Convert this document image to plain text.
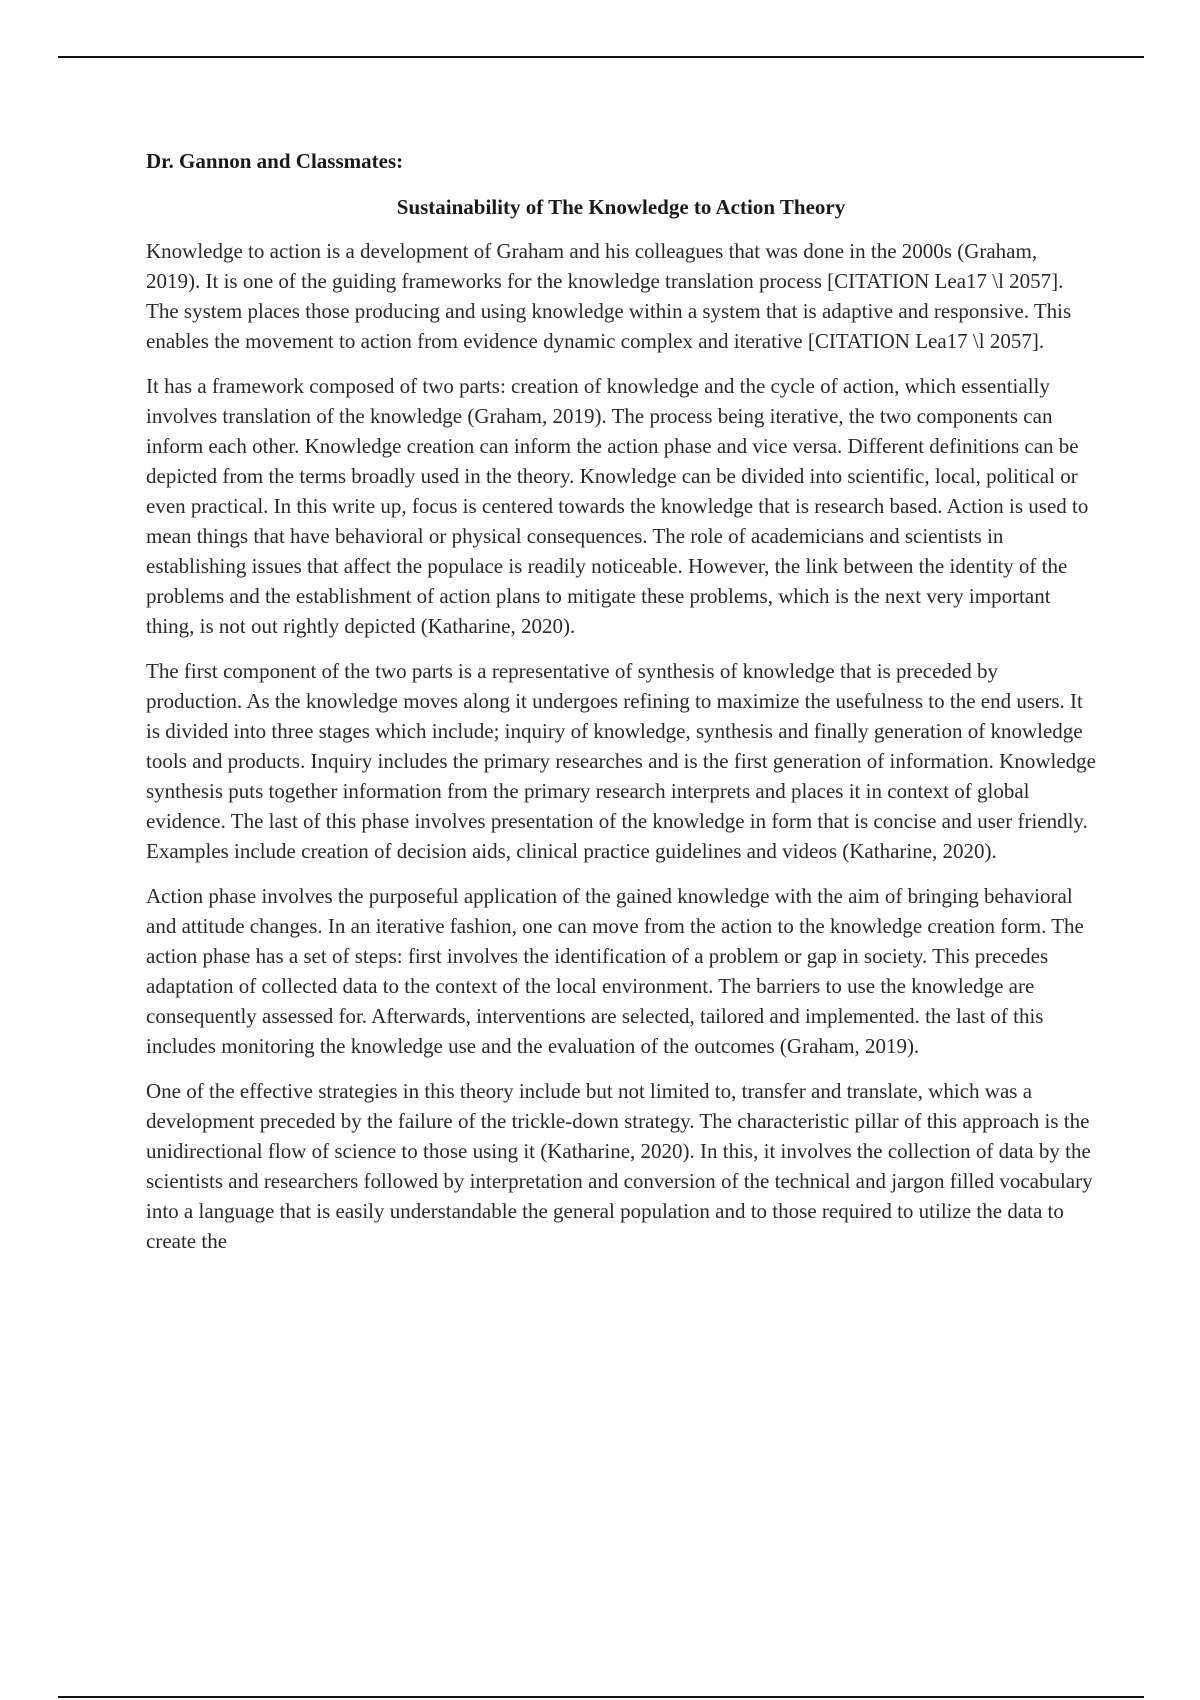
Dr. Gannon and Classmates:

Sustainability of The Knowledge to Action Theory

Knowledge to action is a development of Graham and his colleagues that was done in the 2000s (Graham, 2019). It is one of the guiding frameworks for the knowledge translation process [CITATION Lea17 \l 2057]. The system places those producing and using knowledge within a system that is adaptive and responsive. This enables the movement to action from evidence dynamic complex and iterative [CITATION Lea17 \l 2057].

It has a framework composed of two parts: creation of knowledge and the cycle of action, which essentially involves translation of the knowledge (Graham, 2019). The process being iterative, the two components can inform each other. Knowledge creation can inform the action phase and vice versa. Different definitions can be depicted from the terms broadly used in the theory. Knowledge can be divided into scientific, local, political or even practical. In this write up, focus is centered towards the knowledge that is research based. Action is used to mean things that have behavioral or physical consequences. The role of academicians and scientists in establishing issues that affect the populace is readily noticeable. However, the link between the identity of the problems and the establishment of action plans to mitigate these problems, which is the next very important thing, is not out rightly depicted (Katharine, 2020).

The first component of the two parts is a representative of synthesis of knowledge that is preceded by production. As the knowledge moves along it undergoes refining to maximize the usefulness to the end users. It is divided into three stages which include; inquiry of knowledge, synthesis and finally generation of knowledge tools and products. Inquiry includes the primary researches and is the first generation of information. Knowledge synthesis puts together information from the primary research interprets and places it in context of global evidence. The last of this phase involves presentation of the knowledge in form that is concise and user friendly. Examples include creation of decision aids, clinical practice guidelines and videos (Katharine, 2020).

Action phase involves the purposeful application of the gained knowledge with the aim of bringing behavioral and attitude changes. In an iterative fashion, one can move from the action to the knowledge creation form. The action phase has a set of steps: first involves the identification of a problem or gap in society. This precedes adaptation of collected data to the context of the local environment. The barriers to use the knowledge are consequently assessed for. Afterwards, interventions are selected, tailored and implemented. the last of this includes monitoring the knowledge use and the evaluation of the outcomes (Graham, 2019).

One of the effective strategies in this theory include but not limited to, transfer and translate, which was a development preceded by the failure of the trickle-down strategy. The characteristic pillar of this approach is the unidirectional flow of science to those using it (Katharine, 2020). In this, it involves the collection of data by the scientists and researchers followed by interpretation and conversion of the technical and jargon filled vocabulary into a language that is easily understandable the general population and to those required to utilize the data to create the
